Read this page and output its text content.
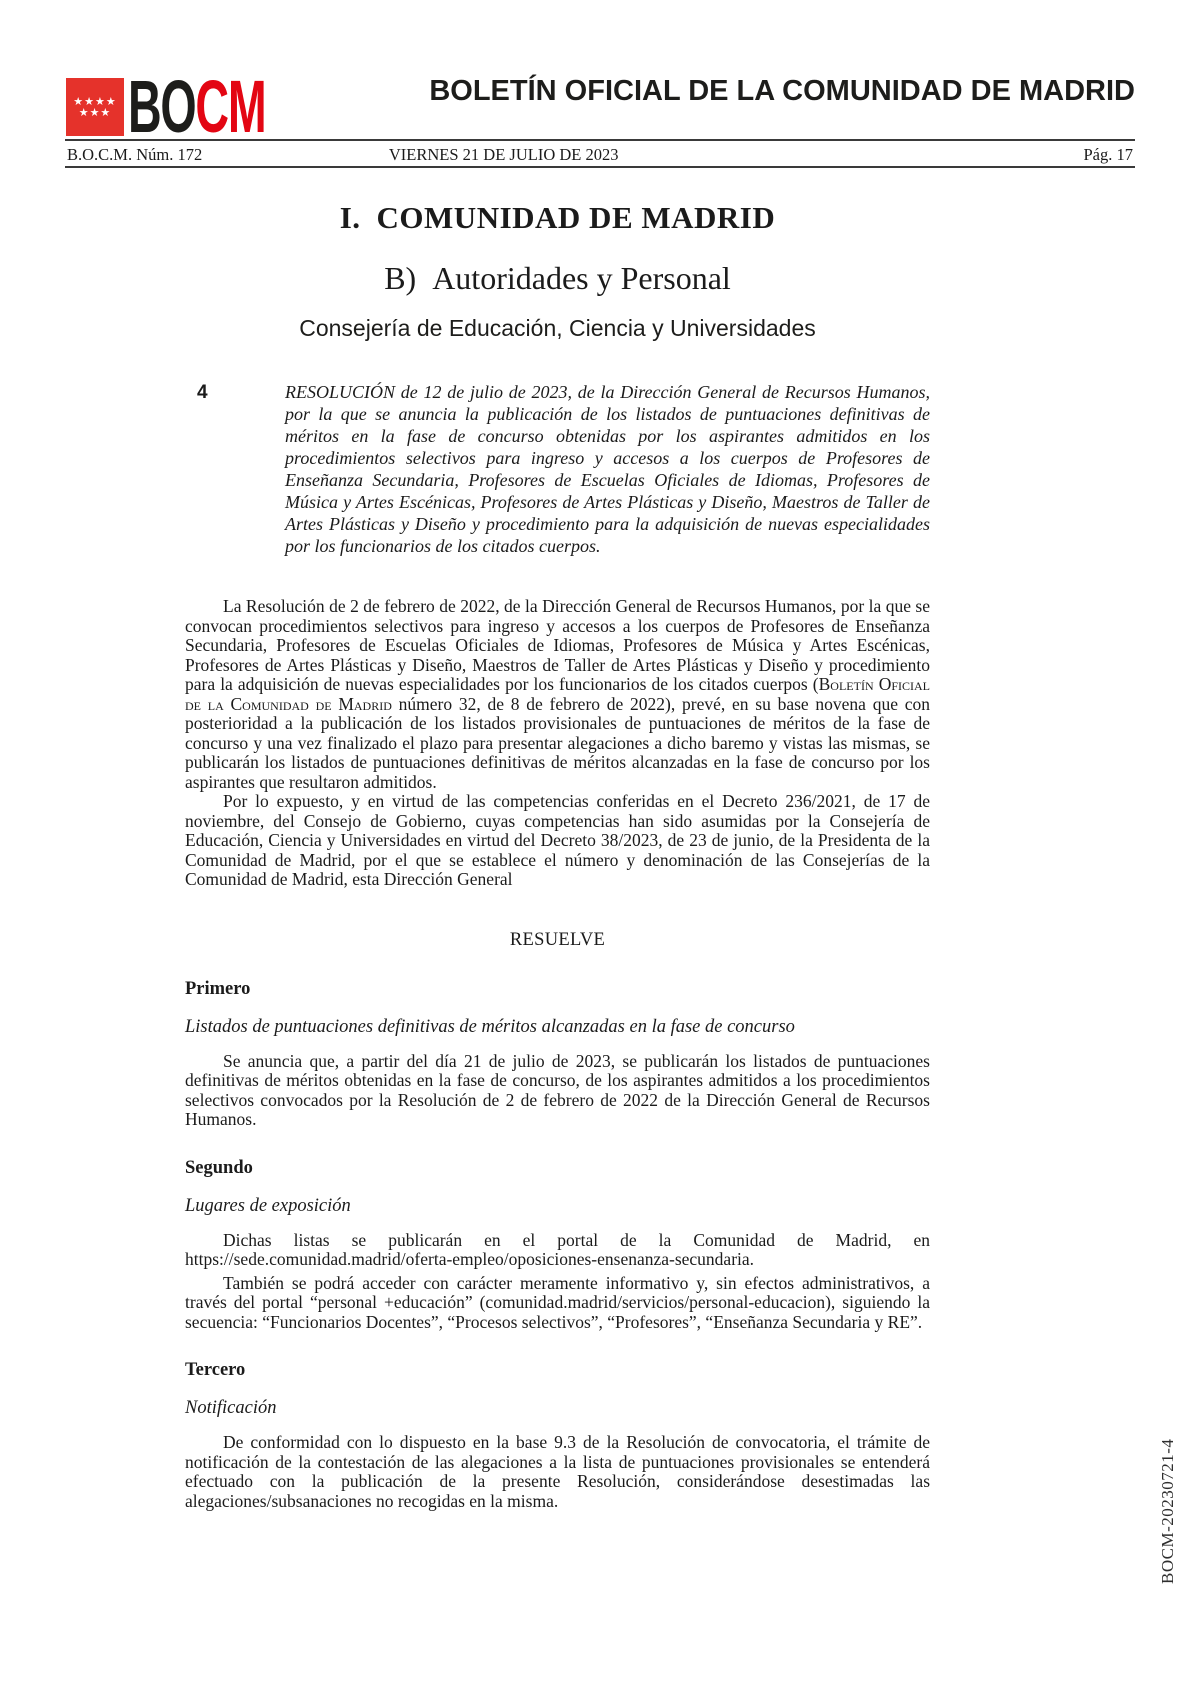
★★★★
★★★ BOCM	BOLETÍN OFICIAL DE LA COMUNIDAD DE MADRID
B.O.C.M. Núm. 172	VIERNES 21 DE JULIO DE 2023	Pág. 17
I. COMUNIDAD DE MADRID
B) Autoridades y Personal
Consejería de Educación, Ciencia y Universidades
4	RESOLUCIÓN de 12 de julio de 2023, de la Dirección General de Recursos Humanos, por la que se anuncia la publicación de los listados de puntuaciones definitivas de méritos en la fase de concurso obtenidas por los aspirantes admitidos en los procedimientos selectivos para ingreso y accesos a los cuerpos de Profesores de Enseñanza Secundaria, Profesores de Escuelas Oficiales de Idiomas, Profesores de Música y Artes Escénicas, Profesores de Artes Plásticas y Diseño, Maestros de Taller de Artes Plásticas y Diseño y procedimiento para la adquisición de nuevas especialidades por los funcionarios de los citados cuerpos.

La Resolución de 2 de febrero de 2022, de la Dirección General de Recursos Humanos, por la que se convocan procedimientos selectivos para ingreso y accesos a los cuerpos de Profesores de Enseñanza Secundaria, Profesores de Escuelas Oficiales de Idiomas, Profesores de Música y Artes Escénicas, Profesores de Artes Plásticas y Diseño, Maestros de Taller de Artes Plásticas y Diseño y procedimiento para la adquisición de nuevas especialidades por los funcionarios de los citados cuerpos (Boletín Oficial de la Comunidad de Madrid número 32, de 8 de febrero de 2022), prevé, en su base novena que con posterioridad a la publicación de los listados provisionales de puntuaciones de méritos de la fase de concurso y una vez finalizado el plazo para presentar alegaciones a dicho baremo y vistas las mismas, se publicarán los listados de puntuaciones definitivas de méritos alcanzadas en la fase de concurso por los aspirantes que resultaron admitidos.

Por lo expuesto, y en virtud de las competencias conferidas en el Decreto 236/2021, de 17 de noviembre, del Consejo de Gobierno, cuyas competencias han sido asumidas por la Consejería de Educación, Ciencia y Universidades en virtud del Decreto 38/2023, de 23 de junio, de la Presidenta de la Comunidad de Madrid, por el que se establece el número y denominación de las Consejerías de la Comunidad de Madrid, esta Dirección General

RESUELVE

Primero

Listados de puntuaciones definitivas de méritos alcanzadas en la fase de concurso

Se anuncia que, a partir del día 21 de julio de 2023, se publicarán los listados de puntuaciones definitivas de méritos obtenidas en la fase de concurso, de los aspirantes admitidos a los procedimientos selectivos convocados por la Resolución de 2 de febrero de 2022 de la Dirección General de Recursos Humanos.

Segundo

Lugares de exposición

Dichas listas se publicarán en el portal de la Comunidad de Madrid, en https://sede.comunidad.madrid/oferta-empleo/oposiciones-ensenanza-secundaria.

También se podrá acceder con carácter meramente informativo y, sin efectos administrativos, a través del portal “personal +educación” (comunidad.madrid/servicios/personal-educacion), siguiendo la secuencia: “Funcionarios Docentes”, “Procesos selectivos”, “Profesores”, “Enseñanza Secundaria y RE”.

Tercero

Notificación

De conformidad con lo dispuesto en la base 9.3 de la Resolución de convocatoria, el trámite de notificación de la contestación de las alegaciones a la lista de puntuaciones provisionales se entenderá efectuado con la publicación de la presente Resolución, considerándose desestimadas las alegaciones/subsanaciones no recogidas en la misma.	BOCM-20230721-4
